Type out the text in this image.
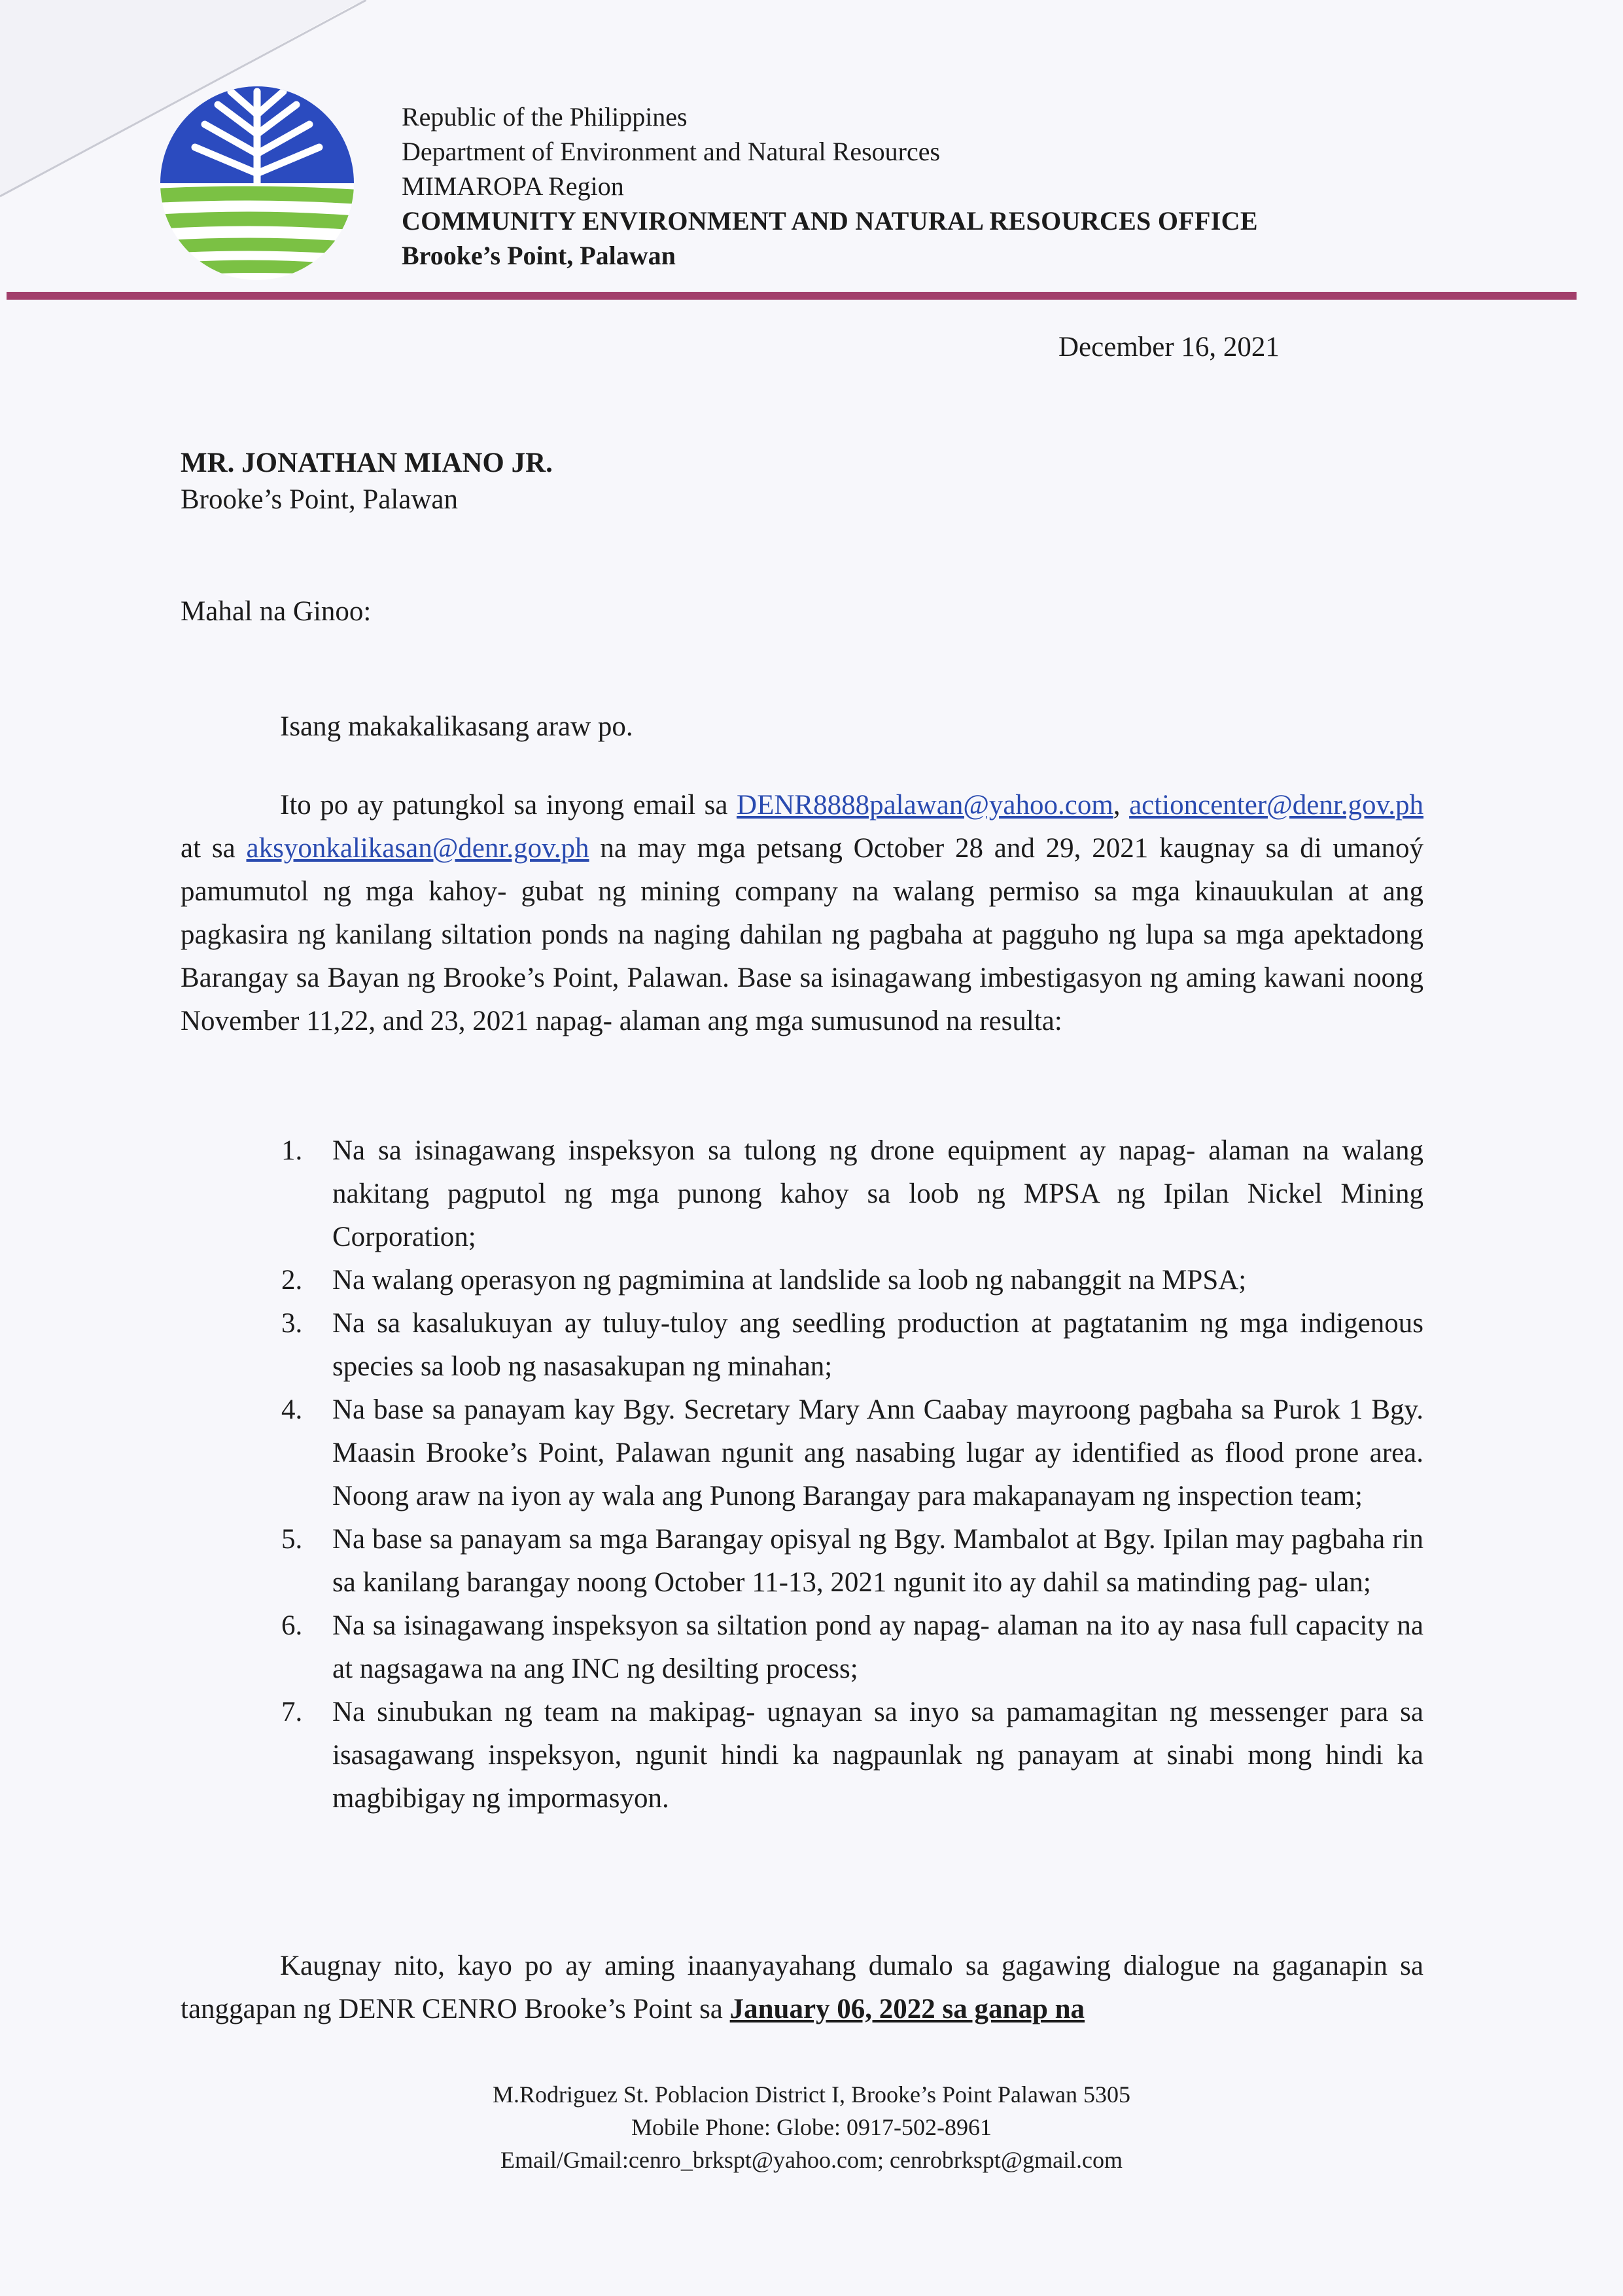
Republic of the Philippines
Department of Environment and Natural Resources
MIMAROPA Region
COMMUNITY ENVIRONMENT AND NATURAL RESOURCES OFFICE
Brooke’s Point, Palawan
December 16, 2021
MR. JONATHAN MIANO JR.
Brooke’s Point, Palawan
Mahal na Ginoo:
Isang makakalikasang araw po.
Ito po ay patungkol sa inyong email sa DENR8888palawan@yahoo.com, actioncenter@denr.gov.ph at sa aksyonkalikasan@denr.gov.ph na may mga petsang October 28 and 29, 2021 kaugnay sa di umanoý pamumutol ng mga kahoy- gubat ng mining company na walang permiso sa mga kinauukulan at ang pagkasira ng kanilang siltation ponds na naging dahilan ng pagbaha at pagguho ng lupa sa mga apektadong Barangay sa Bayan ng Brooke’s Point, Palawan. Base sa isinagawang imbestigasyon ng aming kawani noong November 11,22, and 23, 2021 napag- alaman ang mga sumusunod na resulta:
1. Na sa isinagawang inspeksyon sa tulong ng drone equipment ay napag- alaman na walang nakitang pagputol ng mga punong kahoy sa loob ng MPSA ng Ipilan Nickel Mining Corporation;
2. Na walang operasyon ng pagmimina at landslide sa loob ng nabanggit na MPSA;
3. Na sa kasalukuyan ay tuluy-tuloy ang seedling production at pagtatanim ng mga indigenous species sa loob ng nasasakupan ng minahan;
4. Na base sa panayam kay Bgy. Secretary Mary Ann Caabay mayroong pagbaha sa Purok 1 Bgy. Maasin Brooke’s Point, Palawan ngunit ang nasabing lugar ay identified as flood prone area. Noong araw na iyon ay wala ang Punong Barangay para makapanayam ng inspection team;
5. Na base sa panayam sa mga Barangay opisyal ng Bgy. Mambalot at Bgy. Ipilan may pagbaha rin sa kanilang barangay noong October 11-13, 2021 ngunit ito ay dahil sa matinding pag- ulan;
6. Na sa isinagawang inspeksyon sa siltation pond ay napag- alaman na ito ay nasa full capacity na at nagsagawa na ang INC ng desilting process;
7. Na sinubukan ng team na makipag- ugnayan sa inyo sa pamamagitan ng messenger para sa isasagawang inspeksyon, ngunit hindi ka nagpaunlak ng panayam at sinabi mong hindi ka magbibigay ng impormasyon.
Kaugnay nito, kayo po ay aming inaanyayahang dumalo sa gagawing dialogue na gaganapin sa tanggapan ng DENR CENRO Brooke’s Point sa January 06, 2022 sa ganap na
M.Rodriguez St. Poblacion District I, Brooke’s Point Palawan 5305
Mobile Phone: Globe: 0917-502-8961
Email/Gmail:cenro_brkspt@yahoo.com; cenrobrkspt@gmail.com
